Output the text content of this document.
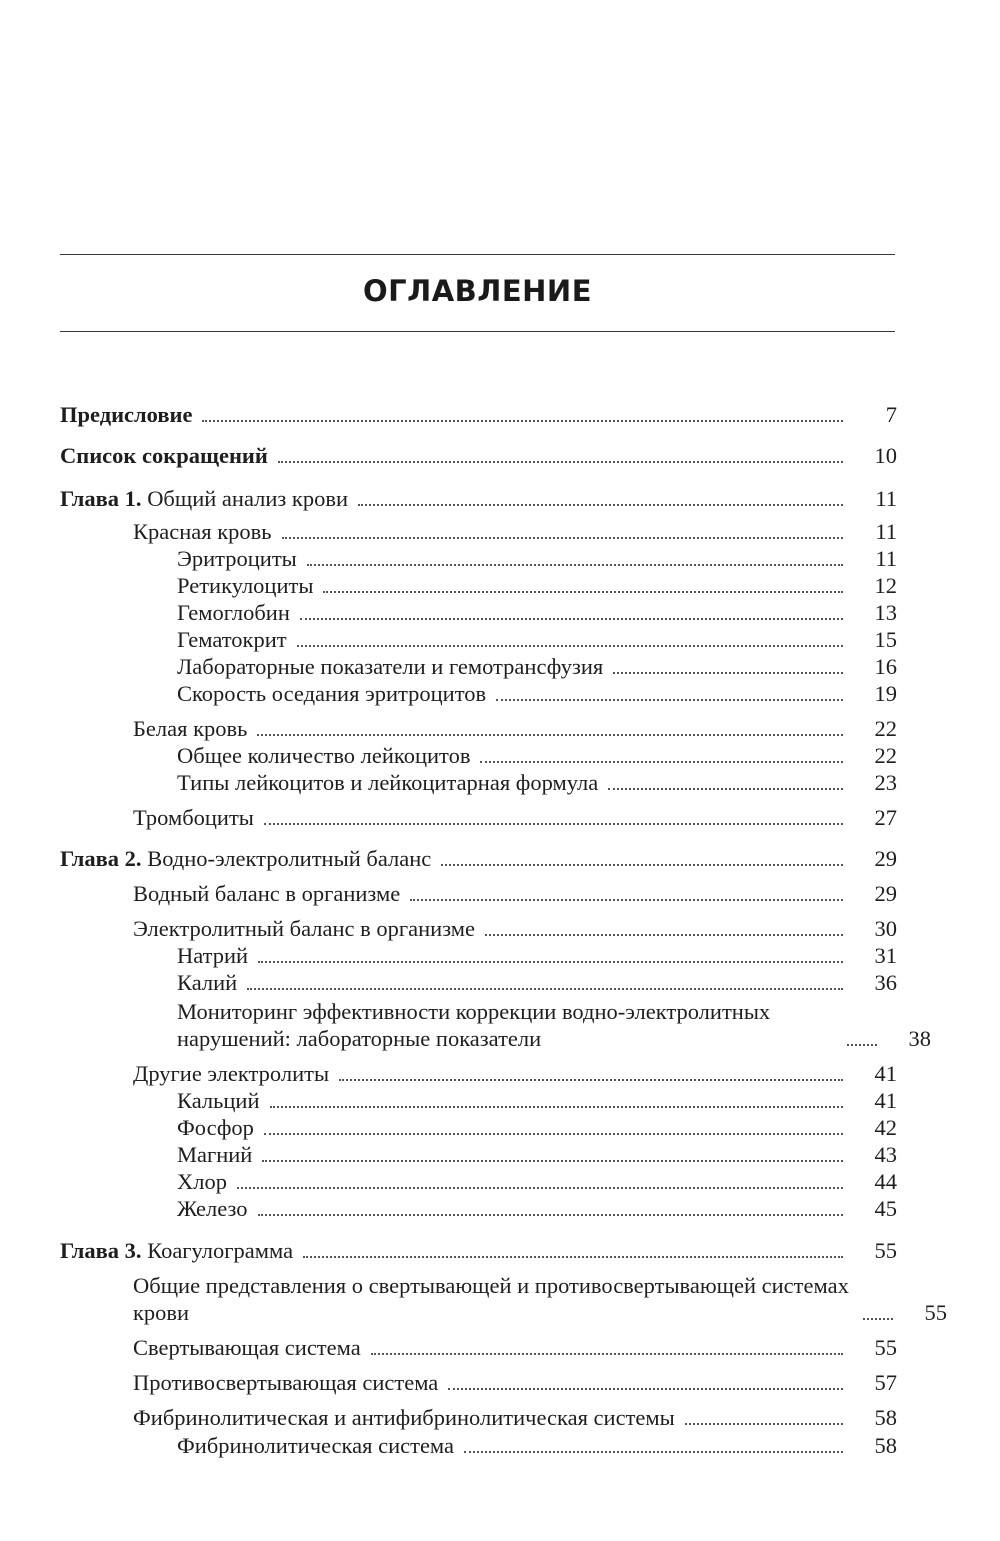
ОГЛАВЛЕНИЕ
Предисловие	7
Список сокращений	10
Глава 1. Общий анализ крови	11
Красная кровь	11
Эритроциты	11
Ретикулоциты	12
Гемоглобин	13
Гематокрит	15
Лабораторные показатели и гемотрансфузия	16
Скорость оседания эритроцитов	19
Белая кровь	22
Общее количество лейкоцитов	22
Типы лейкоцитов и лейкоцитарная формула	23
Тромбоциты	27
Глава 2. Водно-электролитный баланс	29
Водный баланс в организме	29
Электролитный баланс в организме	30
Натрий	31
Калий	36
Мониторинг эффективности коррекции водно-электролитных нарушений: лабораторные показатели	38
Другие электролиты	41
Кальций	41
Фосфор	42
Магний	43
Хлор	44
Железо	45
Глава 3. Коагулограмма	55
Общие представления о свертывающей и противосвертывающей системах крови	55
Свертывающая система	55
Противосвертывающая система	57
Фибринолитическая и антифибринолитическая системы	58
Фибринолитическая система	58
